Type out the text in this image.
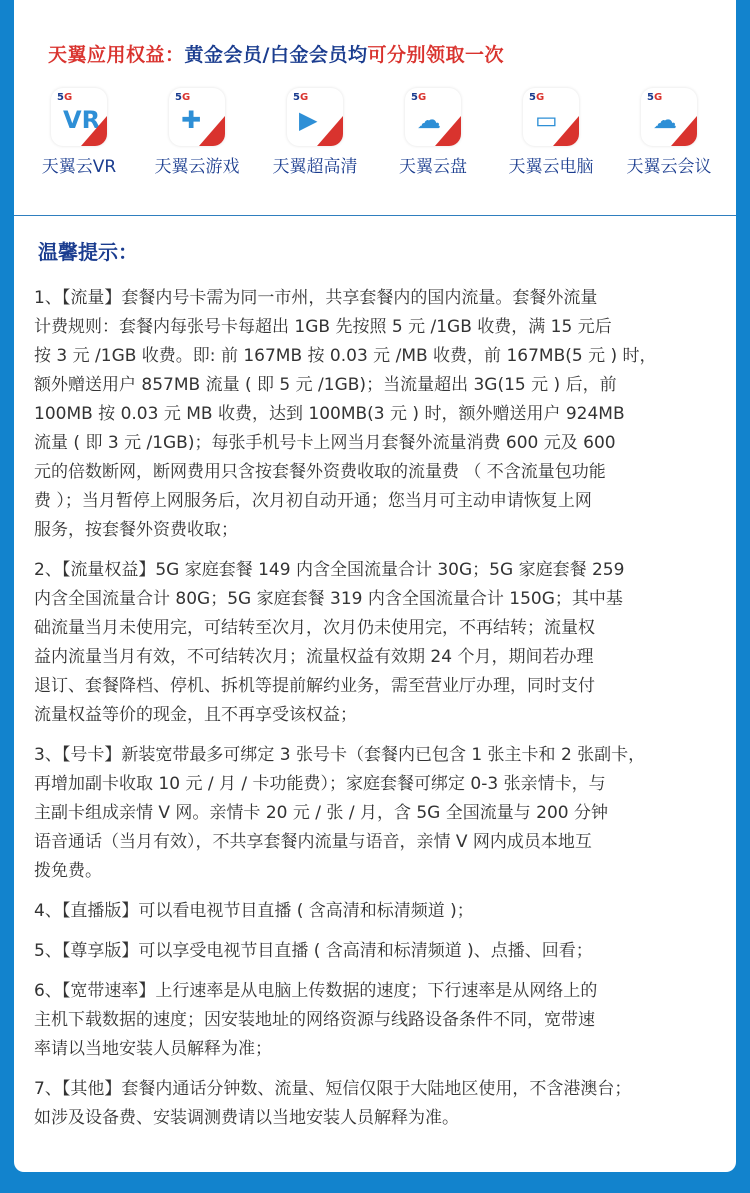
天翼应用权益：黄金会员/白金会员均可分别领取一次
5G
VR
天翼云VR
5G
✚
天翼云游戏
5G
▶
天翼超高清
5G
☁
天翼云盘
5G
▭
天翼云电脑
5G
☁
天翼云会议
温馨提示：
1、【流量】套餐内号卡需为同一市州，共享套餐内的国内流量。套餐外流量
计费规则：套餐内每张号卡每超出 1GB 先按照 5 元 /1GB 收费，满 15 元后
按 3 元 /1GB 收费。即: 前 167MB 按 0.03 元 /MB 收费，前 167MB(5 元 ) 时，
额外赠送用户 857MB 流量 ( 即 5 元 /1GB)；当流量超出 3G(15 元 ) 后，前
100MB 按 0.03 元 MB 收费，达到 100MB(3 元 ) 时，额外赠送用户 924MB
流量 ( 即 3 元 /1GB)；每张手机号卡上网当月套餐外流量消费 600 元及 600
元的倍数断网，断网费用只含按套餐外资费收取的流量费 （ 不含流量包功能
费 ）；当月暂停上网服务后，次月初自动开通；您当月可主动申请恢复上网
服务，按套餐外资费收取；
2、【流量权益】5G 家庭套餐 149 内含全国流量合计 30G；5G 家庭套餐 259
内含全国流量合计 80G；5G 家庭套餐 319 内含全国流量合计 150G；其中基
础流量当月未使用完，可结转至次月，次月仍未使用完，不再结转；流量权
益内流量当月有效，不可结转次月；流量权益有效期 24 个月，期间若办理
退订、套餐降档、停机、拆机等提前解约业务，需至营业厅办理，同时支付
流量权益等价的现金，且不再享受该权益；
3、【号卡】新装宽带最多可绑定 3 张号卡（套餐内已包含 1 张主卡和 2 张副卡，
再增加副卡收取 10 元 / 月 / 卡功能费）；家庭套餐可绑定 0-3 张亲情卡，与
主副卡组成亲情 V 网。亲情卡 20 元 / 张 / 月，含 5G 全国流量与 200 分钟
语音通话（当月有效），不共享套餐内流量与语音，亲情 V 网内成员本地互
拨免费。
4、【直播版】可以看电视节目直播 ( 含高清和标清频道 )；
5、【尊享版】可以享受电视节目直播 ( 含高清和标清频道 )、点播、回看；
6、【宽带速率】上行速率是从电脑上传数据的速度；下行速率是从网络上的
主机下载数据的速度；因安装地址的网络资源与线路设备条件不同，宽带速
率请以当地安装人员解释为准；
7、【其他】套餐内通话分钟数、流量、短信仅限于大陆地区使用，不含港澳台；
如涉及设备费、安装调测费请以当地安装人员解释为准。
